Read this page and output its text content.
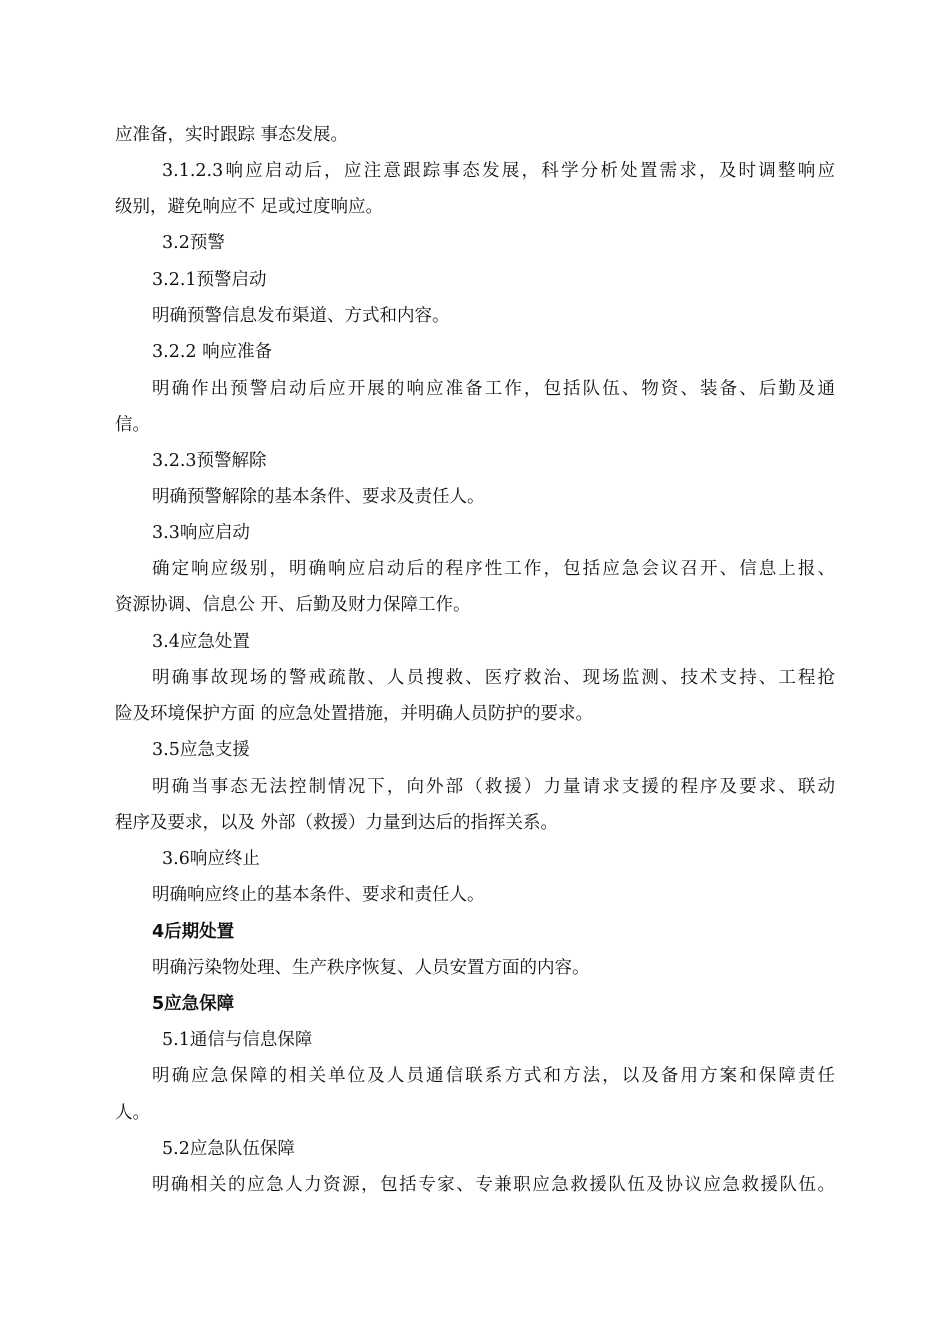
应准备，实时跟踪 事态发展。
3.1.2.3响应启动后，应注意跟踪事态发展，科学分析处置需求，及时调整响应
级别，避免响应不 足或过度响应。
3.2预警
3.2.1预警启动
明确预警信息发布渠道、方式和内容。
3.2.2 响应准备
明确作出预警启动后应开展的响应准备工作，包括队伍、物资、装备、后勤及通
信。
3.2.3预警解除
明确预警解除的基本条件、要求及责任人。
3.3响应启动
确定响应级别，明确响应启动后的程序性工作，包括应急会议召开、信息上报、
资源协调、信息公 开、后勤及财力保障工作。
3.4应急处置
明确事故现场的警戒疏散、人员搜救、医疗救治、现场监测、技术支持、工程抢
险及环境保护方面 的应急处置措施，并明确人员防护的要求。
3.5应急支援
明确当事态无法控制情况下，向外部（救援）力量请求支援的程序及要求、联动
程序及要求，以及 外部（救援）力量到达后的指挥关系。
3.6响应终止
明确响应终止的基本条件、要求和责任人。
4后期处置
明确污染物处理、生产秩序恢复、人员安置方面的内容。
5应急保障
5.1通信与信息保障
明确应急保障的相关单位及人员通信联系方式和方法，以及备用方案和保障责任
人。
5.2应急队伍保障
明确相关的应急人力资源，包括专家、专兼职应急救援队伍及协议应急救援队伍。
